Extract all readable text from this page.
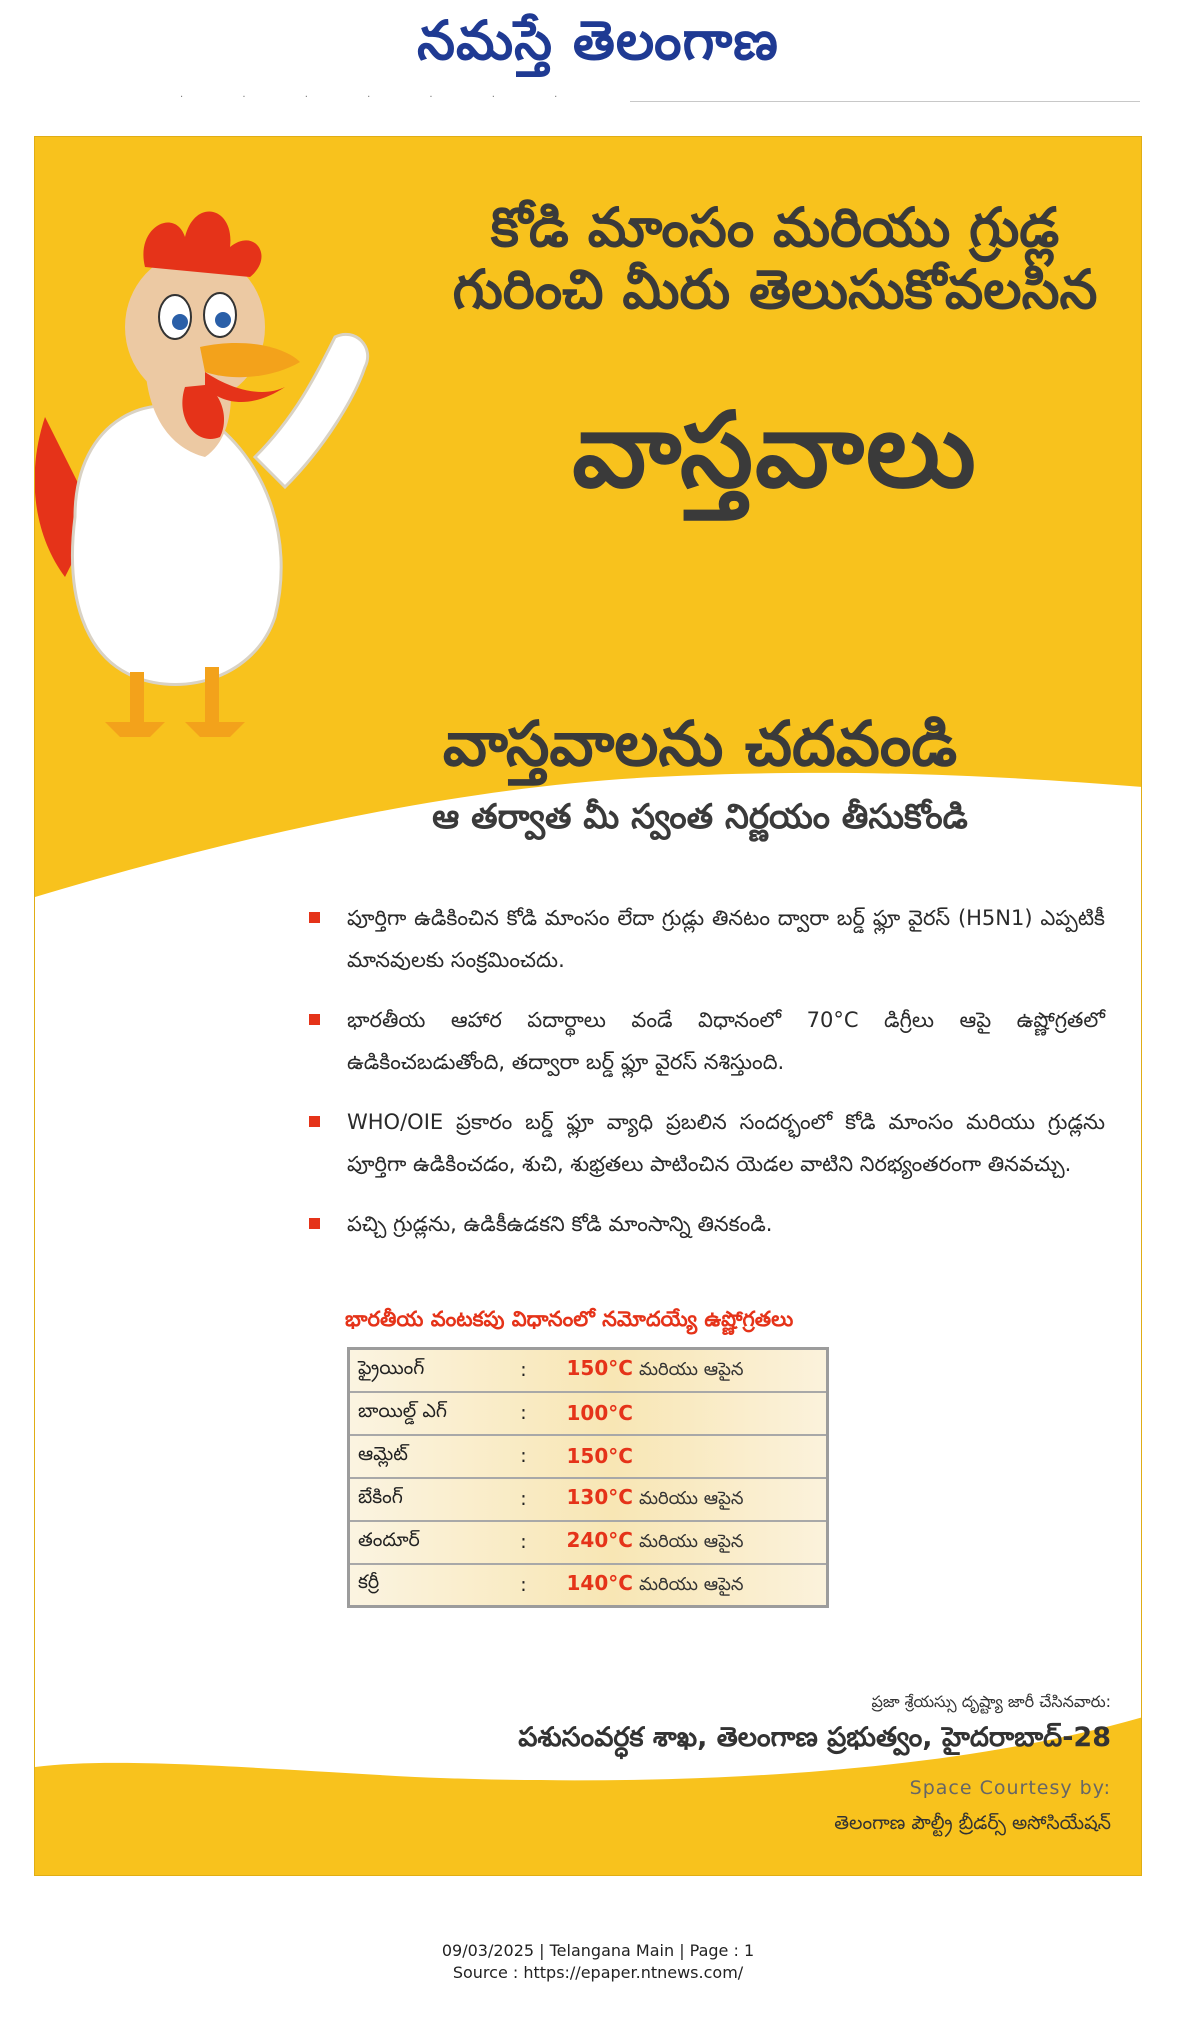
నమస్తే తెలంగాణ
· · · · · · ·
కోడి మాంసం మరియు గ్రుడ్ల
గురించి మీరు తెలుసుకోవలసిన
వాస్తవాలు
వాస్తవాలను చదవండి
ఆ తర్వాత మీ స్వంత నిర్ణయం తీసుకోండి
పూర్తిగా ఉడికించిన కోడి మాంసం లేదా గ్రుడ్లు తినటం ద్వారా బర్డ్ ఫ్లూ వైరస్ (H5N1) ఎప్పటికీ మానవులకు సంక్రమించదు.
భారతీయ ఆహార పదార్థాలు వండే విధానంలో 70°C డిగ్రీలు ఆపై ఉష్ణోగ్రతలో ఉడికించబడుతోంది, తద్వారా బర్డ్ ఫ్లూ వైరస్ నశిస్తుంది.
WHO/OIE ప్రకారం బర్డ్ ఫ్లూ వ్యాధి ప్రబలిన సందర్భంలో కోడి మాంసం మరియు గ్రుడ్లను పూర్తిగా ఉడికించడం, శుచి, శుభ్రతలు పాటించిన యెడల వాటిని నిరభ్యంతరంగా తినవచ్చు.
పచ్చి గ్రుడ్లను, ఉడికీఉడకని కోడి మాంసాన్ని తినకండి.
భారతీయ వంటకపు విధానంలో నమోదయ్యే ఉష్ణోగ్రతలు
ఫ్రైయింగ్	:	150°C మరియు ఆపైన
బాయిల్డ్ ఎగ్	:	100°C
ఆమ్లెట్	:	150°C
బేకింగ్	:	130°C మరియు ఆపైన
తందూర్	:	240°C మరియు ఆపైన
కర్రీ	:	140°C మరియు ఆపైన
ప్రజా శ్రేయస్సు దృష్ట్యా జారీ చేసినవారు:
పశుసంవర్ధక శాఖ, తెలంగాణ ప్రభుత్వం, హైదరాబాద్-28
Space Courtesy by:
తెలంగాణ పౌల్ట్రీ బ్రీడర్స్ అసోసియేషన్
09/03/2025 | Telangana Main | Page : 1
Source : https://epaper.ntnews.com/
